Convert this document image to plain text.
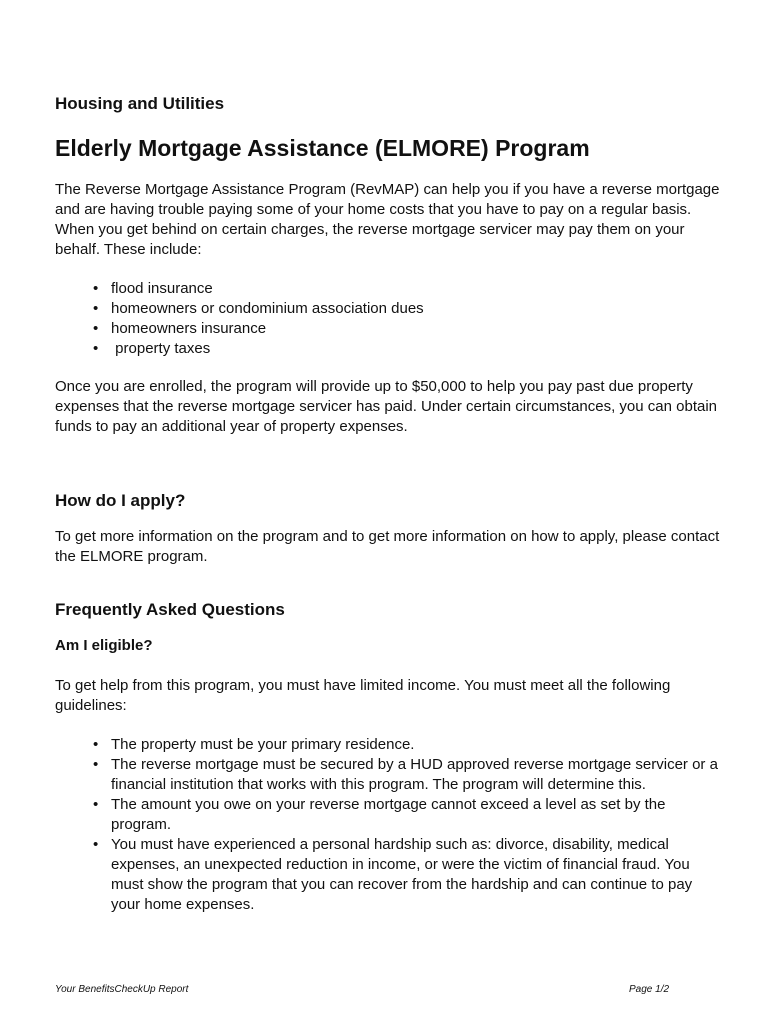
Housing and Utilities
Elderly Mortgage Assistance (ELMORE) Program

The Reverse Mortgage Assistance Program (RevMAP) can help you if you have a reverse mortgage and are having trouble paying some of your home costs that you have to pay on a regular basis. When you get behind on certain charges, the reverse mortgage servicer may pay them on your behalf. These include:

• flood insurance
• homeowners or condominium association dues
• homeowners insurance
•  property taxes

Once you are enrolled, the program will provide up to $50,000 to help you pay past due property expenses that the reverse mortgage servicer has paid. Under certain circumstances, you can obtain funds to pay an additional year of property expenses.

How do I apply?

To get more information on the program and to get more information on how to apply, please contact the ELMORE program.

Frequently Asked Questions
Am I eligible?

To get help from this program, you must have limited income. You must meet all the following guidelines:

• The property must be your primary residence.
• The reverse mortgage must be secured by a HUD approved reverse mortgage servicer or a financial institution that works with this program. The program will determine this.
• The amount you owe on your reverse mortgage cannot exceed a level as set by the program.
• You must have experienced a personal hardship such as: divorce, disability, medical expenses, an unexpected reduction in income, or were the victim of financial fraud. You must show the program that you can recover from the hardship and can continue to pay your home expenses.
Your BenefitsCheckUp Report	Page 1/2
